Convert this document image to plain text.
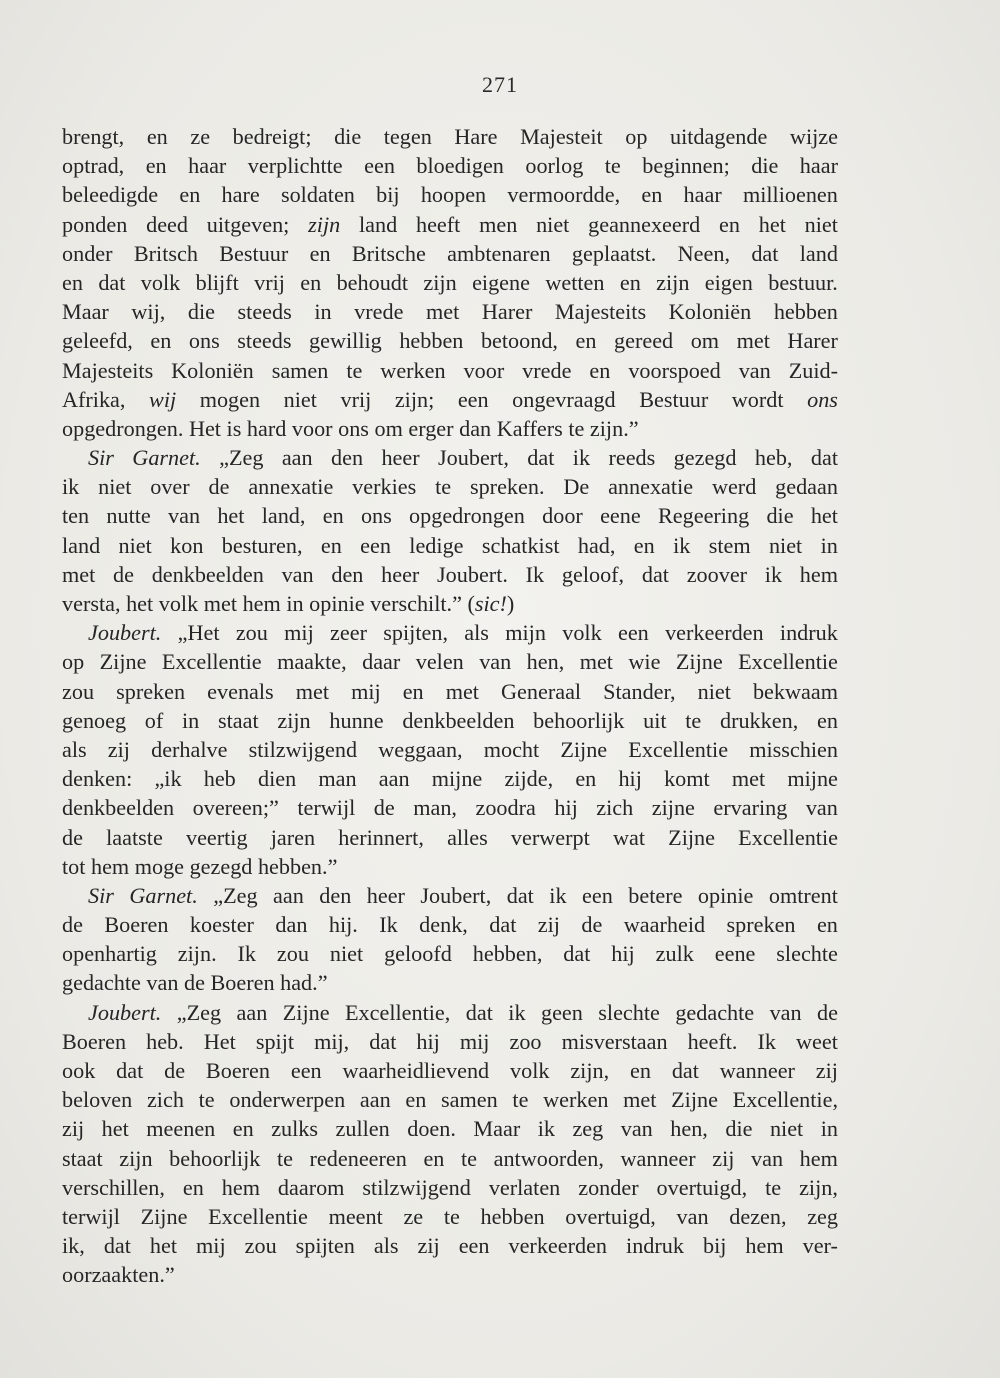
271
brengt, en ze bedreigt; die tegen Hare Majesteit op uitdagende wijze
optrad, en haar verplichtte een bloedigen oorlog te beginnen; die haar
beleedigde en hare soldaten bij hoopen vermoordde, en haar millioenen
ponden deed uitgeven; zijn land heeft men niet geannexeerd en het niet
onder Britsch Bestuur en Britsche ambtenaren geplaatst. Neen, dat land
en dat volk blijft vrij en behoudt zijn eigene wetten en zijn eigen bestuur.
Maar wij, die steeds in vrede met Harer Majesteits Koloniën hebben
geleefd, en ons steeds gewillig hebben betoond, en gereed om met Harer
Majesteits Koloniën samen te werken voor vrede en voorspoed van Zuid-
Afrika, wij mogen niet vrij zijn; een ongevraagd Bestuur wordt ons
opgedrongen. Het is hard voor ons om erger dan Kaffers te zijn.”
Sir Garnet. „Zeg aan den heer Joubert, dat ik reeds gezegd heb, dat
ik niet over de annexatie verkies te spreken. De annexatie werd gedaan
ten nutte van het land, en ons opgedrongen door eene Regeering die het
land niet kon besturen, en een ledige schatkist had, en ik stem niet in
met de denkbeelden van den heer Joubert. Ik geloof, dat zoover ik hem
versta, het volk met hem in opinie verschilt.” (sic!)
Joubert. „Het zou mij zeer spijten, als mijn volk een verkeerden indruk
op Zijne Excellentie maakte, daar velen van hen, met wie Zijne Excellentie
zou spreken evenals met mij en met Generaal Stander, niet bekwaam
genoeg of in staat zijn hunne denkbeelden behoorlijk uit te drukken, en
als zij derhalve stilzwijgend weggaan, mocht Zijne Excellentie misschien
denken: „ik heb dien man aan mijne zijde, en hij komt met mijne
denkbeelden overeen;” terwijl de man, zoodra hij zich zijne ervaring van
de laatste veertig jaren herinnert, alles verwerpt wat Zijne Excellentie
tot hem moge gezegd hebben.”
Sir Garnet. „Zeg aan den heer Joubert, dat ik een betere opinie omtrent
de Boeren koester dan hij. Ik denk, dat zij de waarheid spreken en
openhartig zijn. Ik zou niet geloofd hebben, dat hij zulk eene slechte
gedachte van de Boeren had.”
Joubert. „Zeg aan Zijne Excellentie, dat ik geen slechte gedachte van de
Boeren heb. Het spijt mij, dat hij mij zoo misverstaan heeft. Ik weet
ook dat de Boeren een waarheidlievend volk zijn, en dat wanneer zij
beloven zich te onderwerpen aan en samen te werken met Zijne Excellentie,
zij het meenen en zulks zullen doen. Maar ik zeg van hen, die niet in
staat zijn behoorlijk te redeneeren en te antwoorden, wanneer zij van hem
verschillen, en hem daarom stilzwijgend verlaten zonder overtuigd, te zijn,
terwijl Zijne Excellentie meent ze te hebben overtuigd, van dezen, zeg
ik, dat het mij zou spijten als zij een verkeerden indruk bij hem ver-
oorzaakten.”
